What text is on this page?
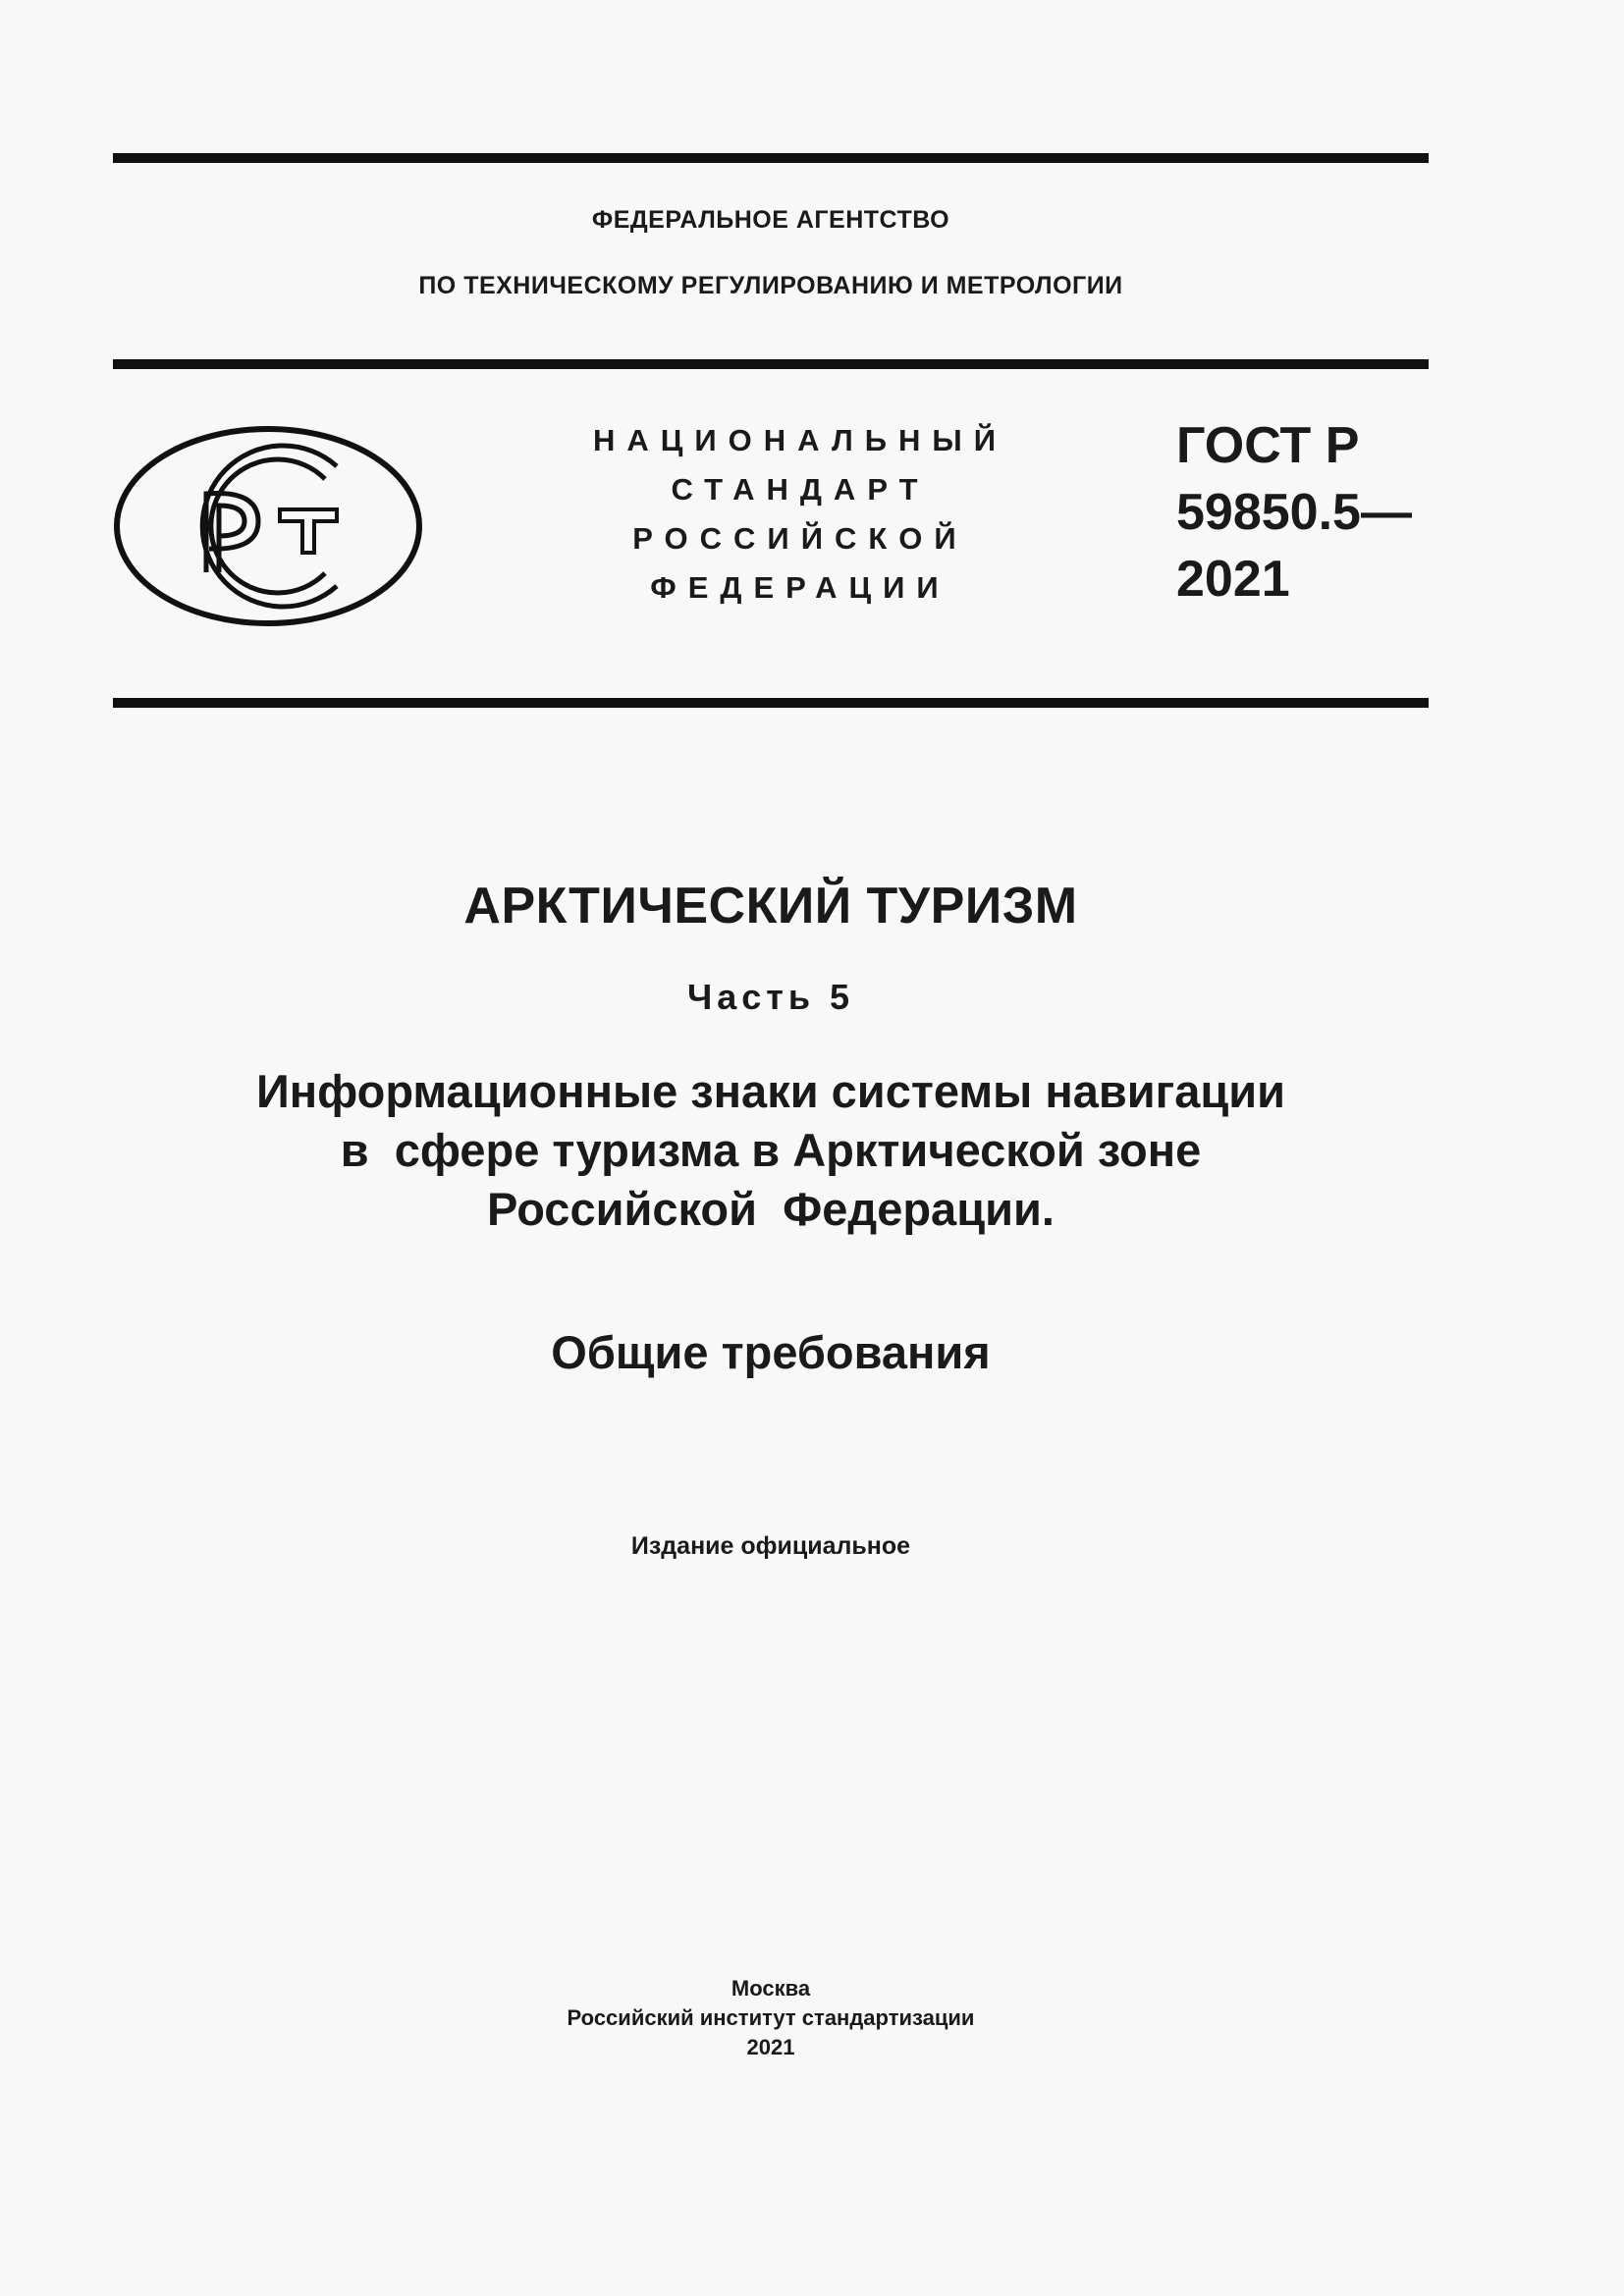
ФЕДЕРАЛЬНОЕ АГЕНТСТВО
ПО ТЕХНИЧЕСКОМУ РЕГУЛИРОВАНИЮ И МЕТРОЛОГИИ
НАЦИОНАЛЬНЫЙ
СТАНДАРТ
РОССИЙСКОЙ
ФЕДЕРАЦИИ
ГОСТ Р
59850.5—
2021
АРКТИЧЕСКИЙ ТУРИЗМ
Часть 5
Информационные знаки системы навигации
в  сфере туризма в Арктической зоне
Российской  Федерации.
Общие требования
Издание официальное
Москва
Российский институт стандартизации
2021
